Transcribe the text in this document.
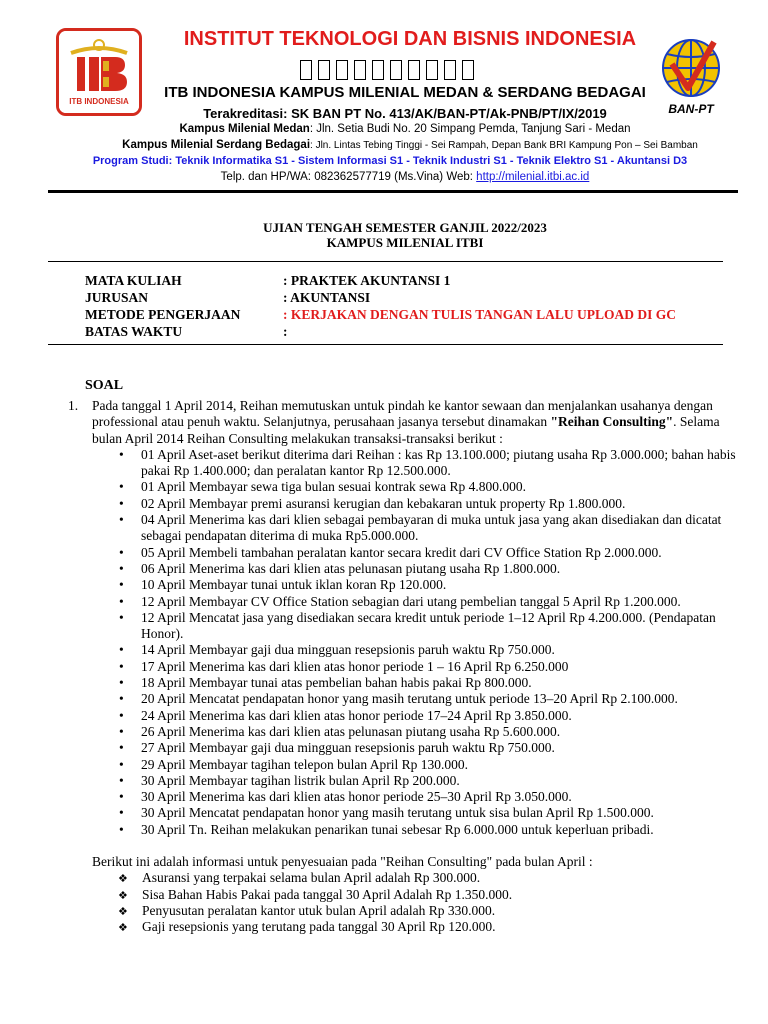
ITB INDONESIA
BAN-PT
INSTITUT TEKNOLOGI DAN BISNIS INDONESIA
ITB INDONESIA KAMPUS MILENIAL MEDAN & SERDANG BEDAGAI
Terakreditasi: SK BAN PT No. 413/AK/BAN-PT/Ak-PNB/PT/IX/2019
Kampus Milenial Medan: Jln. Setia Budi No. 20 Simpang Pemda, Tanjung Sari - Medan
Kampus Milenial Serdang Bedagai: Jln. Lintas Tebing Tinggi - Sei Rampah, Depan Bank BRI Kampung Pon – Sei Bamban
Program Studi: Teknik Informatika S1 - Sistem Informasi S1 - Teknik Industri S1 - Teknik Elektro S1 - Akuntansi D3
Telp. dan HP/WA: 082362577719 (Ms.Vina) Web: http://milenial.itbi.ac.id
UJIAN TENGAH SEMESTER GANJIL 2022/2023
KAMPUS MILENIAL ITBI
MATA KULIAH	: PRAKTEK AKUNTANSI 1
JURUSAN	: AKUNTANSI
METODE PENGERJAAN	: KERJAKAN DENGAN TULIS TANGAN LALU UPLOAD DI GC
BATAS WAKTU	:
SOAL
1. Pada tanggal 1 April 2014, Reihan memutuskan untuk pindah ke kantor sewaan dan menjalankan usahanya dengan professional atau penuh waktu. Selanjutnya, perusahaan jasanya tersebut dinamakan "Reihan Consulting". Selama bulan April 2014 Reihan Consulting melakukan transaksi-transaksi berikut :
• 01 April Aset-aset berikut diterima dari Reihan : kas Rp 13.100.000; piutang usaha Rp 3.000.000; bahan habis pakai Rp 1.400.000; dan peralatan kantor Rp 12.500.000.
• 01 April Membayar sewa tiga bulan sesuai kontrak sewa Rp 4.800.000.
• 02 April Membayar premi asuransi kerugian dan kebakaran untuk property Rp 1.800.000.
• 04 April Menerima kas dari klien sebagai pembayaran di muka untuk jasa yang akan disediakan dan dicatat sebagai pendapatan diterima di muka Rp5.000.000.
• 05 April Membeli tambahan peralatan kantor secara kredit dari CV Office Station Rp 2.000.000.
• 06 April Menerima kas dari klien atas pelunasan piutang usaha Rp 1.800.000.
• 10 April Membayar tunai untuk iklan koran Rp 120.000.
• 12 April Membayar CV Office Station sebagian dari utang pembelian tanggal 5 April Rp 1.200.000.
• 12 April Mencatat jasa yang disediakan secara kredit untuk periode 1–12 April Rp 4.200.000. (Pendapatan Honor).
• 14 April Membayar gaji dua mingguan resepsionis paruh waktu Rp 750.000.
• 17 April Menerima kas dari klien atas honor periode 1 – 16 April Rp 6.250.000
• 18 April Membayar tunai atas pembelian bahan habis pakai Rp 800.000.
• 20 April Mencatat pendapatan honor yang masih terutang untuk periode 13–20 April Rp 2.100.000.
• 24 April Menerima kas dari klien atas honor periode 17–24 April Rp 3.850.000.
• 26 April Menerima kas dari klien atas pelunasan piutang usaha Rp 5.600.000.
• 27 April Membayar gaji dua mingguan resepsionis paruh waktu Rp 750.000.
• 29 April Membayar tagihan telepon bulan April Rp 130.000.
• 30 April Membayar tagihan listrik bulan April Rp 200.000.
• 30 April Menerima kas dari klien atas honor periode 25–30 April Rp 3.050.000.
• 30 April Mencatat pendapatan honor yang masih terutang untuk sisa bulan April Rp 1.500.000.
• 30 April Tn. Reihan melakukan penarikan tunai sebesar Rp 6.000.000 untuk keperluan pribadi.
Berikut ini adalah informasi untuk penyesuaian pada "Reihan Consulting" pada bulan April :
❖ Asuransi yang terpakai selama bulan April adalah Rp 300.000.
❖ Sisa Bahan Habis Pakai pada tanggal 30 April Adalah Rp 1.350.000.
❖ Penyusutan peralatan kantor utuk bulan April adalah Rp 330.000.
❖ Gaji resepsionis yang terutang pada tanggal 30 April Rp 120.000.
